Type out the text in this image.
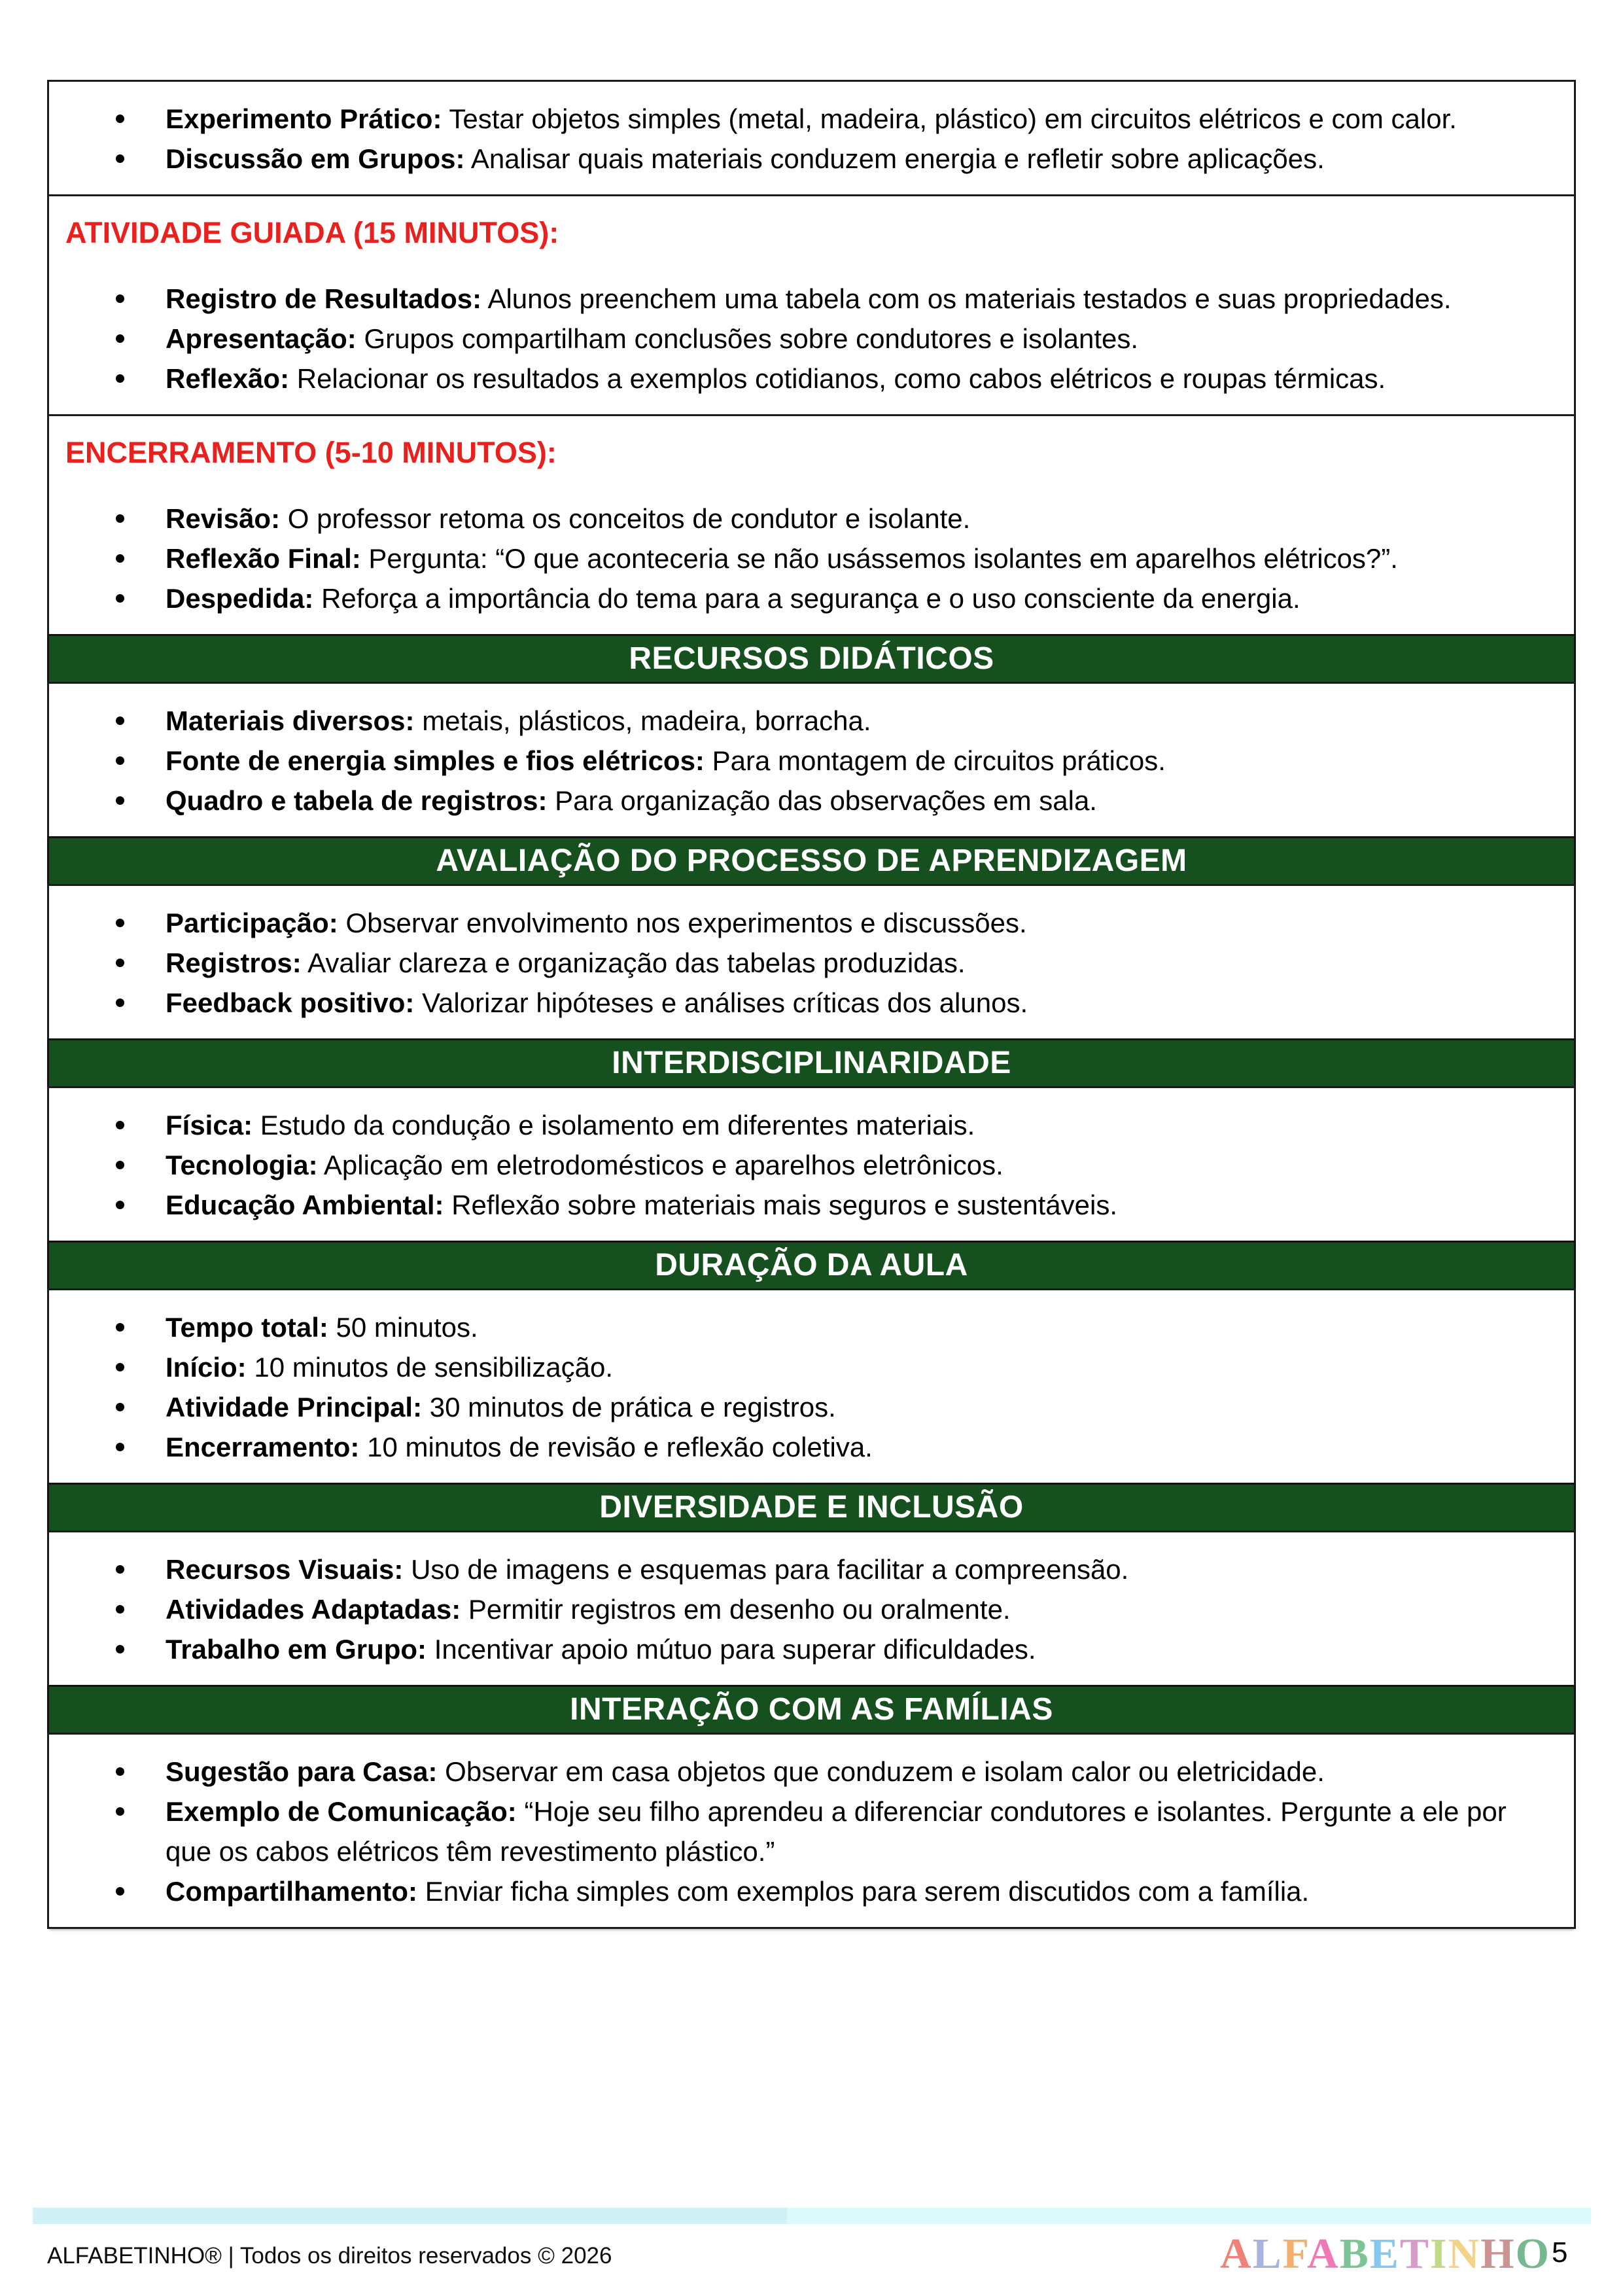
Experimento Prático: Testar objetos simples (metal, madeira, plástico) em circuitos elétricos e com calor.
Discussão em Grupos: Analisar quais materiais conduzem energia e refletir sobre aplicações.
ATIVIDADE GUIADA (15 MINUTOS):
Registro de Resultados: Alunos preenchem uma tabela com os materiais testados e suas propriedades.
Apresentação: Grupos compartilham conclusões sobre condutores e isolantes.
Reflexão: Relacionar os resultados a exemplos cotidianos, como cabos elétricos e roupas térmicas.
ENCERRAMENTO (5-10 MINUTOS):
Revisão: O professor retoma os conceitos de condutor e isolante.
Reflexão Final: Pergunta: “O que aconteceria se não usássemos isolantes em aparelhos elétricos?”.
Despedida: Reforça a importância do tema para a segurança e o uso consciente da energia.
RECURSOS DIDÁTICOS
Materiais diversos: metais, plásticos, madeira, borracha.
Fonte de energia simples e fios elétricos: Para montagem de circuitos práticos.
Quadro e tabela de registros: Para organização das observações em sala.
AVALIAÇÃO DO PROCESSO DE APRENDIZAGEM
Participação: Observar envolvimento nos experimentos e discussões.
Registros: Avaliar clareza e organização das tabelas produzidas.
Feedback positivo: Valorizar hipóteses e análises críticas dos alunos.
INTERDISCIPLINARIDADE
Física: Estudo da condução e isolamento em diferentes materiais.
Tecnologia: Aplicação em eletrodomésticos e aparelhos eletrônicos.
Educação Ambiental: Reflexão sobre materiais mais seguros e sustentáveis.
DURAÇÃO DA AULA
Tempo total: 50 minutos.
Início: 10 minutos de sensibilização.
Atividade Principal: 30 minutos de prática e registros.
Encerramento: 10 minutos de revisão e reflexão coletiva.
DIVERSIDADE E INCLUSÃO
Recursos Visuais: Uso de imagens e esquemas para facilitar a compreensão.
Atividades Adaptadas: Permitir registros em desenho ou oralmente.
Trabalho em Grupo: Incentivar apoio mútuo para superar dificuldades.
INTERAÇÃO COM AS FAMÍLIAS
Sugestão para Casa: Observar em casa objetos que conduzem e isolam calor ou eletricidade.
Exemplo de Comunicação: “Hoje seu filho aprendeu a diferenciar condutores e isolantes. Pergunte a ele por que os cabos elétricos têm revestimento plástico.”
Compartilhamento: Enviar ficha simples com exemplos para serem discutidos com a família.
ALFABETINHO® | Todos os direitos reservados © 2026	ALFABETINHO 5
